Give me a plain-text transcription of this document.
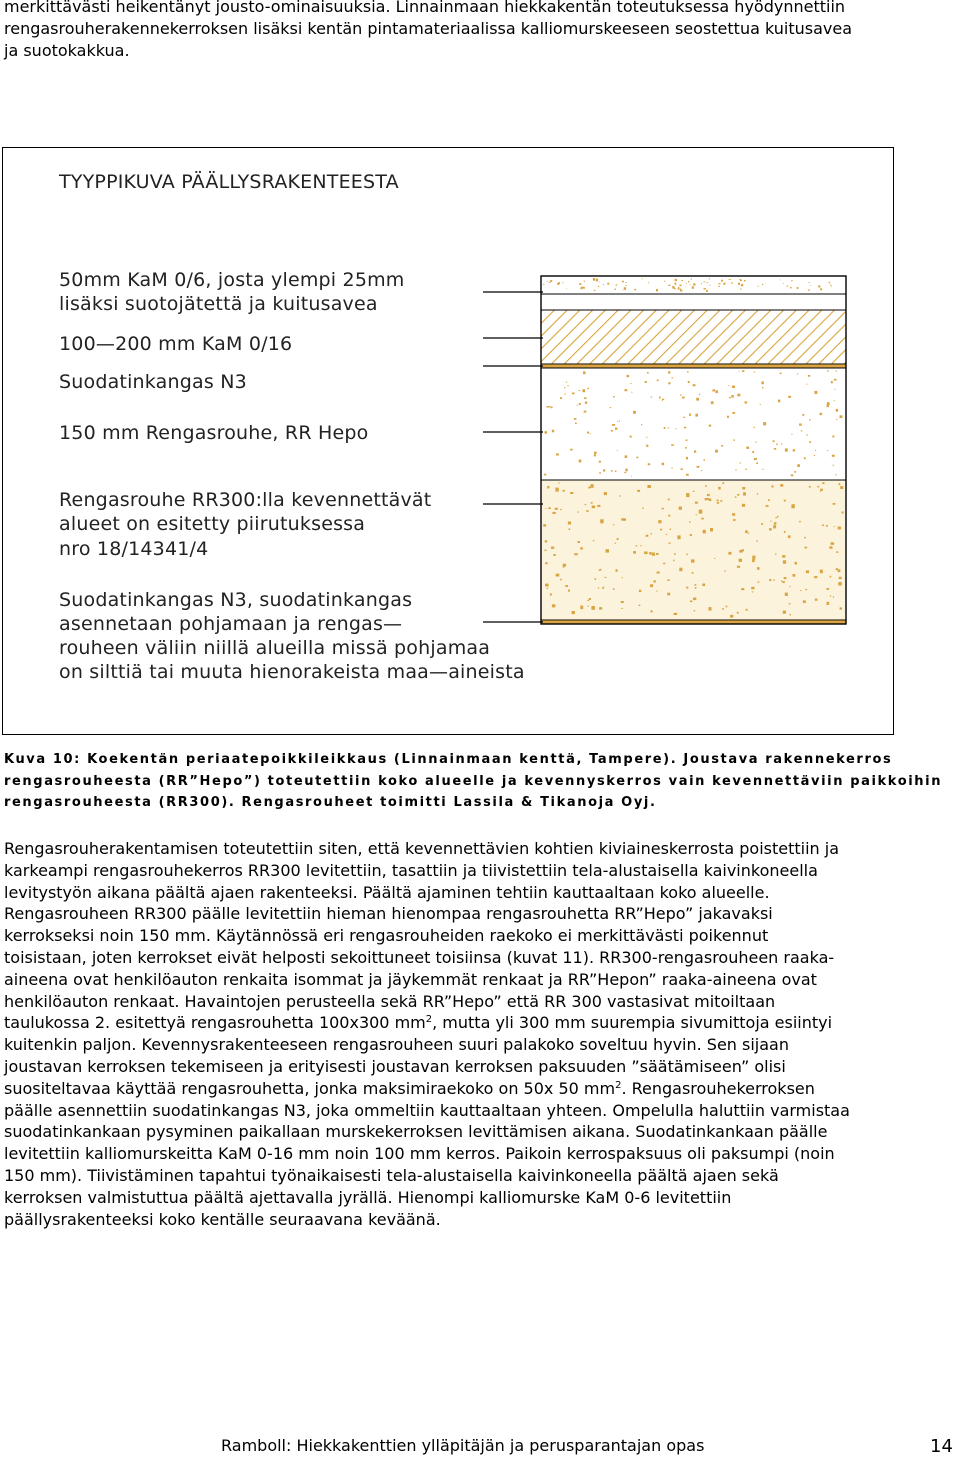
merkittävästi heikentänyt jousto-ominaisuuksia. Linnainmaan hiekkakentän toteutuksessa hyödynnettiin
rengasrouherakennekerroksen lisäksi kentän pintamateriaalissa kalliomurskeeseen seostettua kuitusavea
ja suotokakkua.
TYYPPIKUVA PÄÄLLYSRAKENTEESTA
50mm KaM 0/6, josta ylempi 25mm
lisäksi suotojätettä ja kuitusavea
100—200 mm KaM 0/16
Suodatinkangas N3
150 mm Rengasrouhe, RR Hepo
Rengasrouhe RR300:lla kevennettävät
alueet on esitetty piirutuksessa
nro 18/14341/4
Suodatinkangas N3, suodatinkangas
asennetaan pohjamaan ja rengas—
rouheen väliin niillä alueilla missä pohjamaa
on silttiä tai muuta hienorakeista maa—aineista
Kuva 10: Koekentän periaatepoikkileikkaus (Linnainmaan kenttä, Tampere). Joustava rakennekerros
rengasrouheesta (RR”Hepo”) toteutettiin koko alueelle ja kevennyskerros vain kevennettäviin paikkoihin
rengasrouheesta (RR300). Rengasrouheet toimitti Lassila & Tikanoja Oyj.
Rengasrouherakentamisen toteutettiin siten, että kevennettävien kohtien kiviaineskerrosta poistettiin ja
karkeampi rengasrouhekerros RR300 levitettiin, tasattiin ja tiivistettiin tela-alustaisella kaivinkoneella
levitystyön aikana päältä ajaen rakenteeksi. Päältä ajaminen tehtiin kauttaaltaan koko alueelle.
Rengasrouheen RR300 päälle levitettiin hieman hienompaa rengasrouhetta RR”Hepo” jakavaksi
kerrokseksi noin 150 mm. Käytännössä eri rengasrouheiden raekoko ei merkittävästi poikennut
toisistaan, joten kerrokset eivät helposti sekoittuneet toisiinsa (kuvat 11). RR300-rengasrouheen raaka-
aineena ovat henkilöauton renkaita isommat ja jäykemmät renkaat ja RR”Hepon” raaka-aineena ovat
henkilöauton renkaat. Havaintojen perusteella sekä RR”Hepo” että RR 300 vastasivat mitoiltaan
taulukossa 2. esitettyä rengasrouhetta 100x300 $mm^2$, mutta yli 300 mm suurempia sivumittoja esiintyi
kuitenkin paljon. Kevennysrakenteeseen rengasrouheen suuri palakoko soveltuu hyvin. Sen sijaan
joustavan kerroksen tekemiseen ja erityisesti joustavan kerroksen paksuuden ”säätämiseen” olisi
suositeltavaa käyttää rengasrouhetta, jonka maksimiraekoko on 50x 50 $mm^2$. Rengasrouhekerroksen
päälle asennettiin suodatinkangas N3, joka ommeltiin kauttaaltaan yhteen. Ompelulla haluttiin varmistaa
suodatinkankaan pysyminen paikallaan murskekerroksen levittämisen aikana. Suodatinkankaan päälle
levitettiin kalliomurskeitta KaM 0-16 mm noin 100 mm kerros. Paikoin kerrospaksuus oli paksumpi (noin
150 mm). Tiivistäminen tapahtui työnaikaisesti tela-alustaisella kaivinkoneella päältä ajaen sekä
kerroksen valmistuttua päältä ajettavalla jyrällä. Hienompi kalliomurske KaM 0-6 levitettiin
päällysrakenteeksi koko kentälle seuraavana keväänä.
Ramboll: Hiekkakenttien ylläpitäjän ja perusparantajan opas	14
